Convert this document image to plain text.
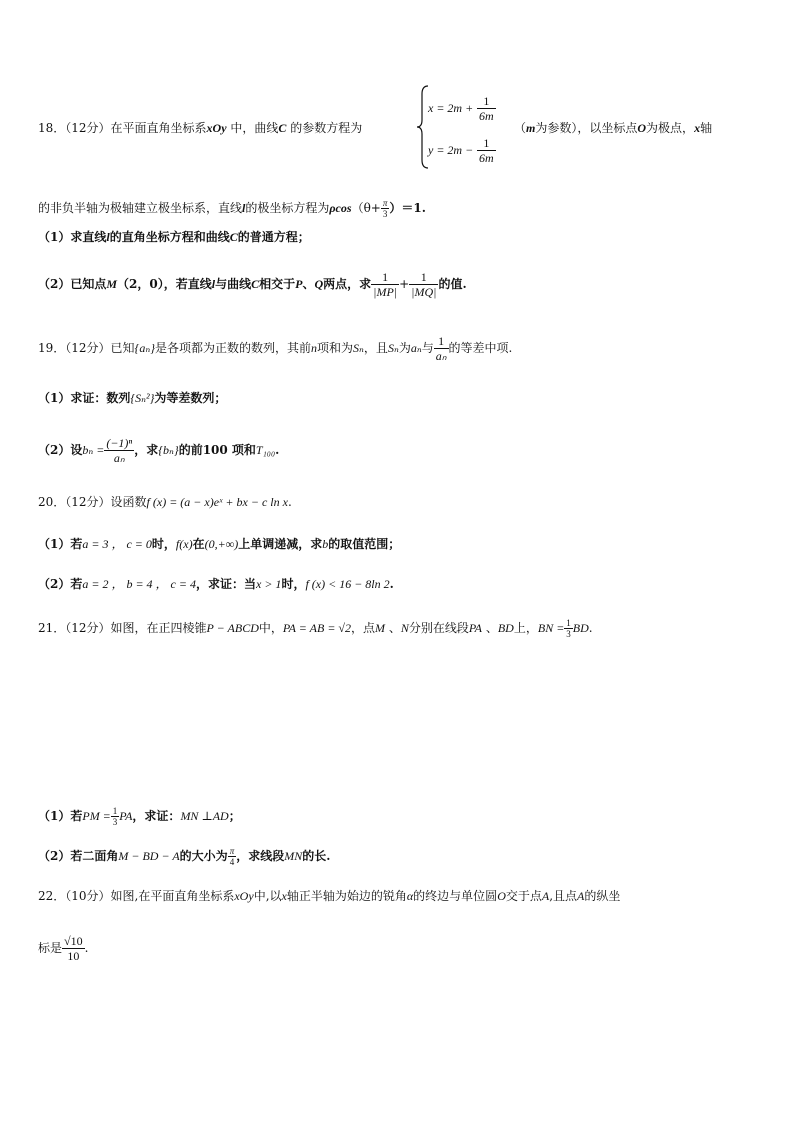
18．（12分）在平面直角坐标系xOy 中，曲线C 的参数方程为
$x = 2m + \frac{1}{6m}$
$y = 2m - \frac{1}{6m}$
（m为参数），以坐标点O为极点，x轴
的非负半轴为极轴建立极坐标系，直线l的极坐标方程为$\rho\cos(\theta+ \frac{\pi}{3} )=1$.
（1）求直线l的直角坐标方程和曲线C的普通方程；
（2）已知点M（2，0），若直线l与曲线C相交于P、Q两点，求 $\frac{1}{|MP|} + \frac{1}{|MQ|}$ 的值.
19．（12分）已知{aₙ}是各项都为正数的数列，其前n项和为Sₙ，且Sₙ为aₙ与 $\frac{1}{\text{aₙ}}$ 的等差中项.
（1）求证：数列{Sₙ²}为等差数列；
（2）设$b_n = \frac{\text{(−1)ⁿ}}{\text{aₙ}}$ ，求{bₙ}的前100 项和T₁₀₀.
20．（12分）设函数f (x) = (a − x)eˣ + bx − c ln x.
（1）若a = 3 ， c = 0时，f(x)在(0,+∞)上单调递减，求b的取值范围；
（2）若a = 2 ， b = 4 ， c = 4，求证：当x > 1时，f (x) < 16 − 8ln 2.
21．（12分）如图，在正四棱锥P − ABCD中，PA = AB = √2，点M 、N分别在线段PA 、BD上，BN = $\frac{1}{3}$ BD.
（1）若PM = $\frac{1}{3}$ PA，求证：MN ⊥AD；
（2）若二面角M − BD − A的大小为 $\frac{\pi}{4}$ ，求线段MN的长.
22．（10分）如图,在平面直角坐标系xOy中,以x轴正半轴为始边的锐角α的终边与单位圆O交于点A,且点A的纵坐
标是 $\frac{√10}{10}$ .
